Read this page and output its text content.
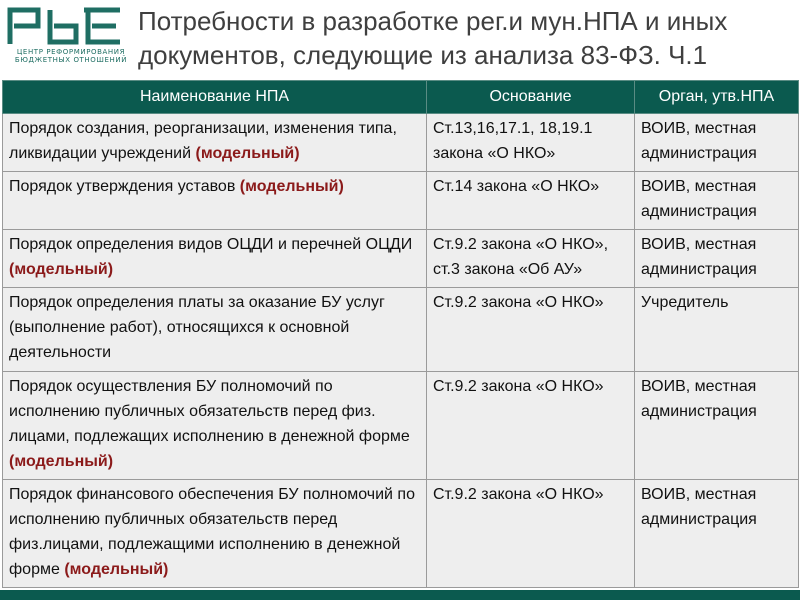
ЦЕНТР РЕФОРМИРОВАНИЯ
БЮДЖЕТНЫХ ОТНОШЕНИЙ
Потребности в разработке рег.и мун.НПА и иных
документов, следующие из анализа 83-ФЗ. Ч.1
Наименование НПА	Основание	Орган, утв.НПА
Порядок создания, реорганизации, изменения типа, ликвидации учреждений (модельный)	Ст.13,16,17.1, 18,19.1 закона «О НКО»	ВОИВ, местная администрация
Порядок утверждения уставов (модельный)	Ст.14 закона «О НКО»	ВОИВ, местная администрация
Порядок определения видов ОЦДИ и перечней ОЦДИ (модельный)	Ст.9.2 закона «О НКО», ст.3 закона «Об АУ»	ВОИВ, местная администрация
Порядок определения платы за оказание БУ услуг (выполнение работ), относящихся к основной деятельности	Ст.9.2 закона «О НКО»	Учредитель
Порядок осуществления БУ полномочий по исполнению публичных обязательств перед физ. лицами, подлежащих исполнению в денежной форме (модельный)	Ст.9.2 закона «О НКО»	ВОИВ, местная администрация
Порядок финансового обеспечения БУ полномочий по исполнению публичных обязательств перед физ.лицами, подлежащими исполнению в денежной форме (модельный)	Ст.9.2 закона «О НКО»	ВОИВ, местная администрация
